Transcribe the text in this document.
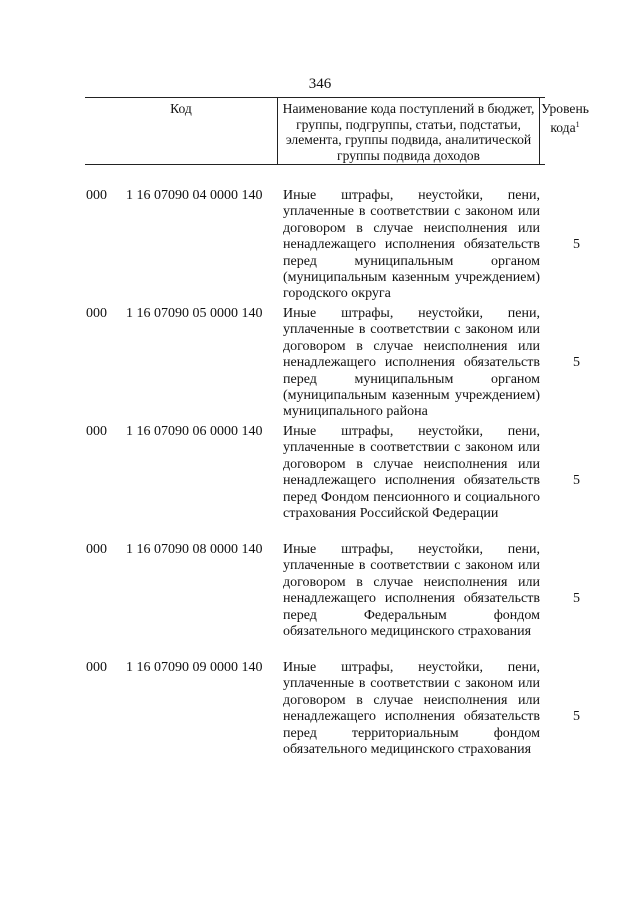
346
Код	Наименование кода поступлений в бюджет, группы, подгруппы, статьи, подстатьи, элемента, группы подвида, аналитической группы подвида доходов
Уровень кода$^1$
000 1 16 07090 04 0000 140 Иные штрафы, неустойки, пени, уплаченные в соответствии с законом или договором в случае неисполнения или ненадлежащего исполнения обязательств перед муниципальным органом (муниципальным казенным учреждением) городского округа
5
000 1 16 07090 05 0000 140 Иные штрафы, неустойки, пени, уплаченные в соответствии с законом или договором в случае неисполнения или ненадлежащего исполнения обязательств перед муниципальным органом (муниципальным казенным учреждением) муниципального района
5
000 1 16 07090 06 0000 140 Иные штрафы, неустойки, пени, уплаченные в соответствии с законом или договором в случае неисполнения или ненадлежащего исполнения обязательств перед Фондом пенсионного и социального страхования Российской Федерации
5
000 1 16 07090 08 0000 140 Иные штрафы, неустойки, пени, уплаченные в соответствии с законом или договором в случае неисполнения или ненадлежащего исполнения обязательств перед Федеральным фондом обязательного медицинского страхования
5
000 1 16 07090 09 0000 140 Иные штрафы, неустойки, пени, уплаченные в соответствии с законом или договором в случае неисполнения или ненадлежащего исполнения обязательств перед территориальным фондом обязательного медицинского страхования
5
